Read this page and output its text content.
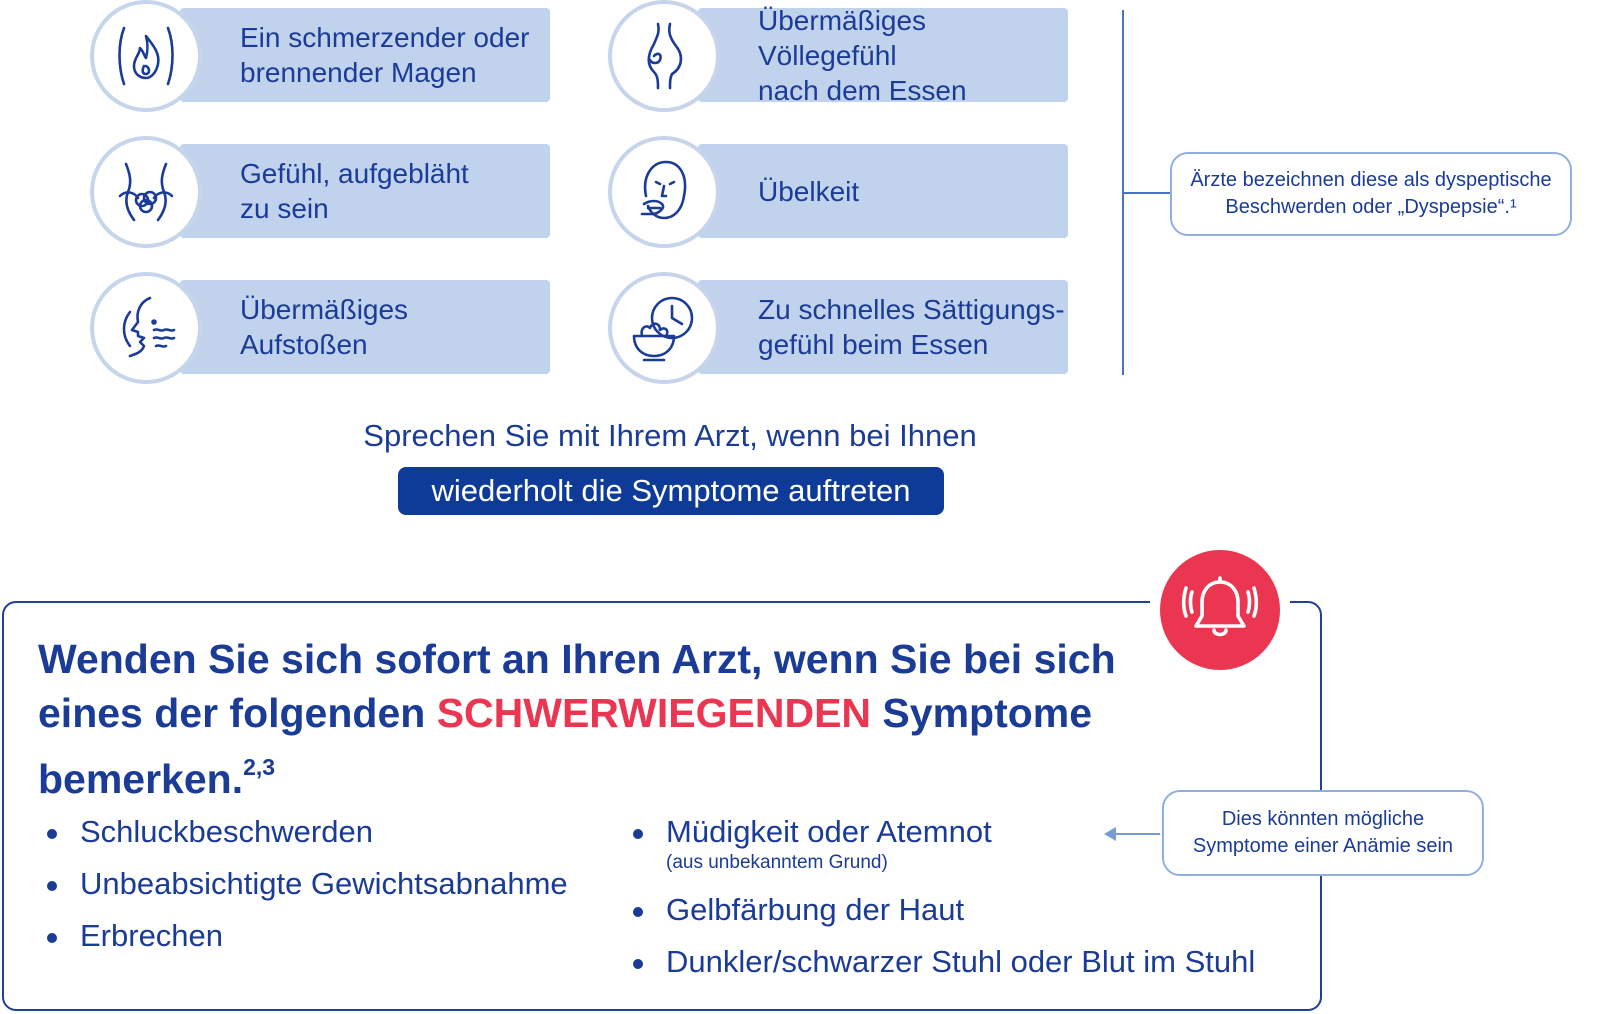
Ein schmerzender oder
brennender Magen
Übermäßiges Völlegefühl
nach dem Essen
Gefühl, aufgebläht
zu sein
Übelkeit
Übermäßiges
Aufstoßen
Zu schnelles Sättigungs-
gefühl beim Essen
Ärzte bezeichnen diese als dyspeptische
Beschwerden oder „Dyspepsie“.¹
Sprechen Sie mit Ihrem Arzt, wenn bei Ihnen
wiederholt die Symptome auftreten
Wenden Sie sich sofort an Ihren Arzt, wenn Sie bei sich eines der folgenden SCHWERWIEGENDEN Symptome bemerken.$^{2,3}$
Schluckbeschwerden
Unbeabsichtigte Gewichtsabnahme
Erbrechen
Müdigkeit oder Atemnot
(aus unbekanntem Grund)
Gelbfärbung der Haut
Dunkler/schwarzer Stuhl oder Blut im Stuhl
Dies könnten mögliche
Symptome einer Anämie sein
